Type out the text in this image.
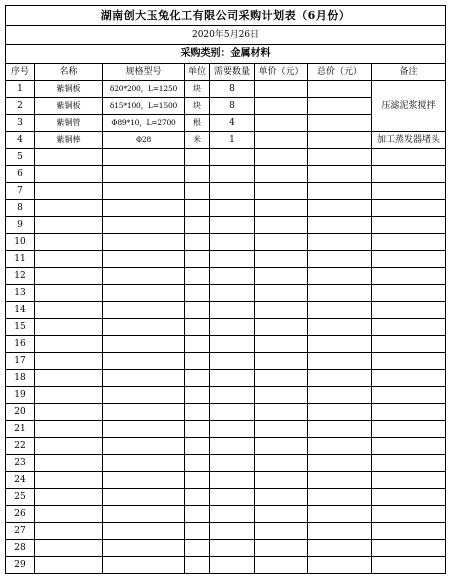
湖南创大玉兔化工有限公司采购计划表（6月份）							
2020年5月26日							
采购类别：金属材料							
序号	名称	规格型号	单位	需要数量	单价（元）	总价（元）	备注
1	紫铜板	δ20*200，L=1250	块	8			压滤泥浆搅拌
2	紫铜板	δ15*100，L=1500	块	8			
3	紫铜管	Φ89*10，L=2700	根	4			
4	紫铜棒	Φ28	米	1			加工蒸发器堵头
5							
6							
7							
8							
9							
10							
11							
12							
13							
14							
15							
16							
17							
18							
19							
20							
21							
22							
23							
24							
25							
26							
27							
28							
29							
